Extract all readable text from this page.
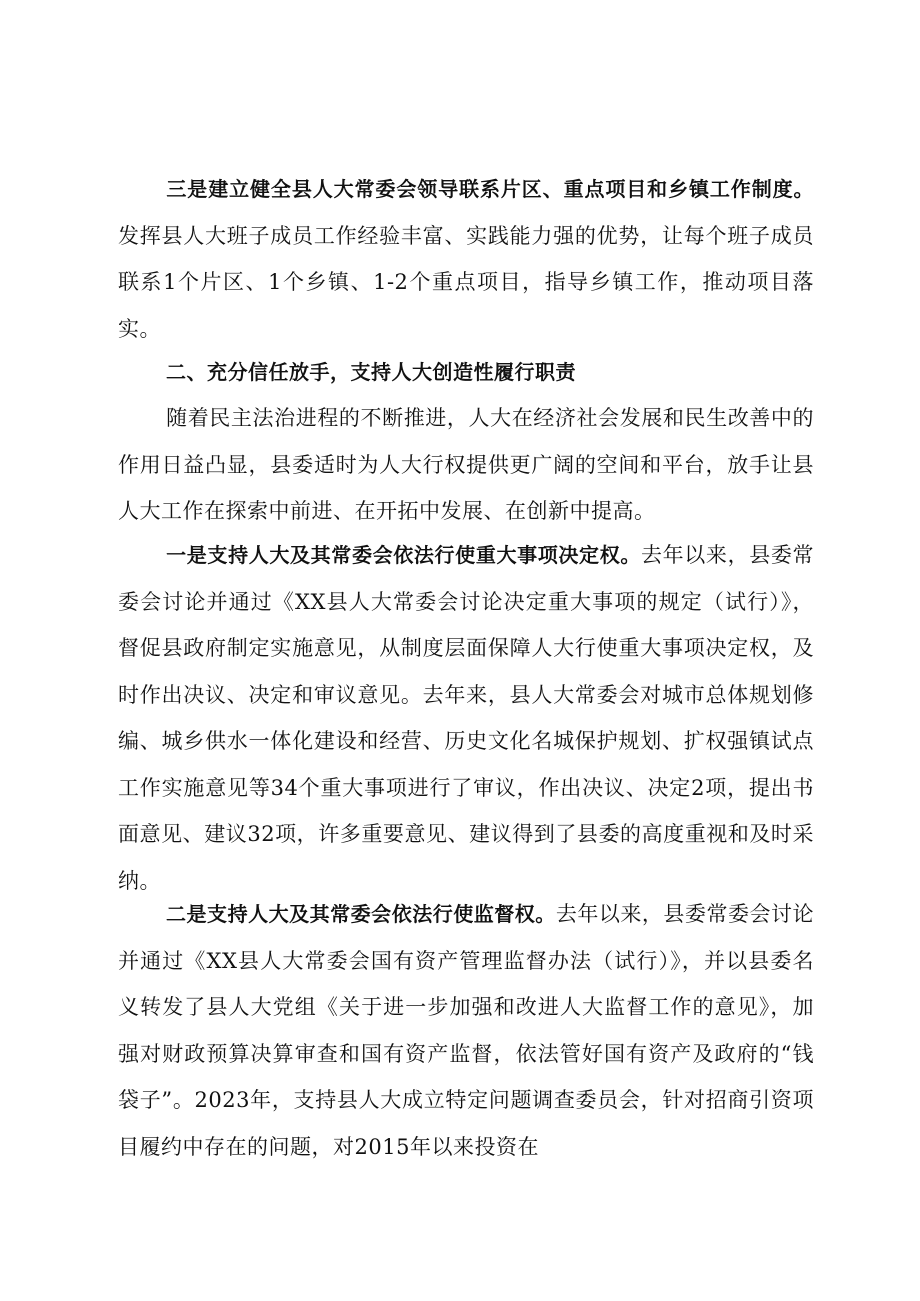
三是建立健全县人大常委会领导联系片区、重点项目和乡镇工作制度。发挥县人大班子成员工作经验丰富、实践能力强的优势，让每个班子成员联系1个片区、1个乡镇、1-2个重点项目，指导乡镇工作，推动项目落实。

二、充分信任放手，支持人大创造性履行职责

随着民主法治进程的不断推进，人大在经济社会发展和民生改善中的作用日益凸显，县委适时为人大行权提供更广阔的空间和平台，放手让县人大工作在探索中前进、在开拓中发展、在创新中提高。

一是支持人大及其常委会依法行使重大事项决定权。去年以来，县委常委会讨论并通过《XX县人大常委会讨论决定重大事项的规定（试行）》，督促县政府制定实施意见，从制度层面保障人大行使重大事项决定权，及时作出决议、决定和审议意见。去年来，县人大常委会对城市总体规划修编、城乡供水一体化建设和经营、历史文化名城保护规划、扩权强镇试点工作实施意见等34个重大事项进行了审议，作出决议、决定2项，提出书面意见、建议32项，许多重要意见、建议得到了县委的高度重视和及时采纳。

二是支持人大及其常委会依法行使监督权。去年以来，县委常委会讨论并通过《XX县人大常委会国有资产管理监督办法（试行）》，并以县委名义转发了县人大党组《关于进一步加强和改进人大监督工作的意见》，加强对财政预算决算审查和国有资产监督，依法管好国有资产及政府的“钱袋子”。2023年，支持县人大成立特定问题调查委员会，针对招商引资项目履约中存在的问题，对2015年以来投资在
